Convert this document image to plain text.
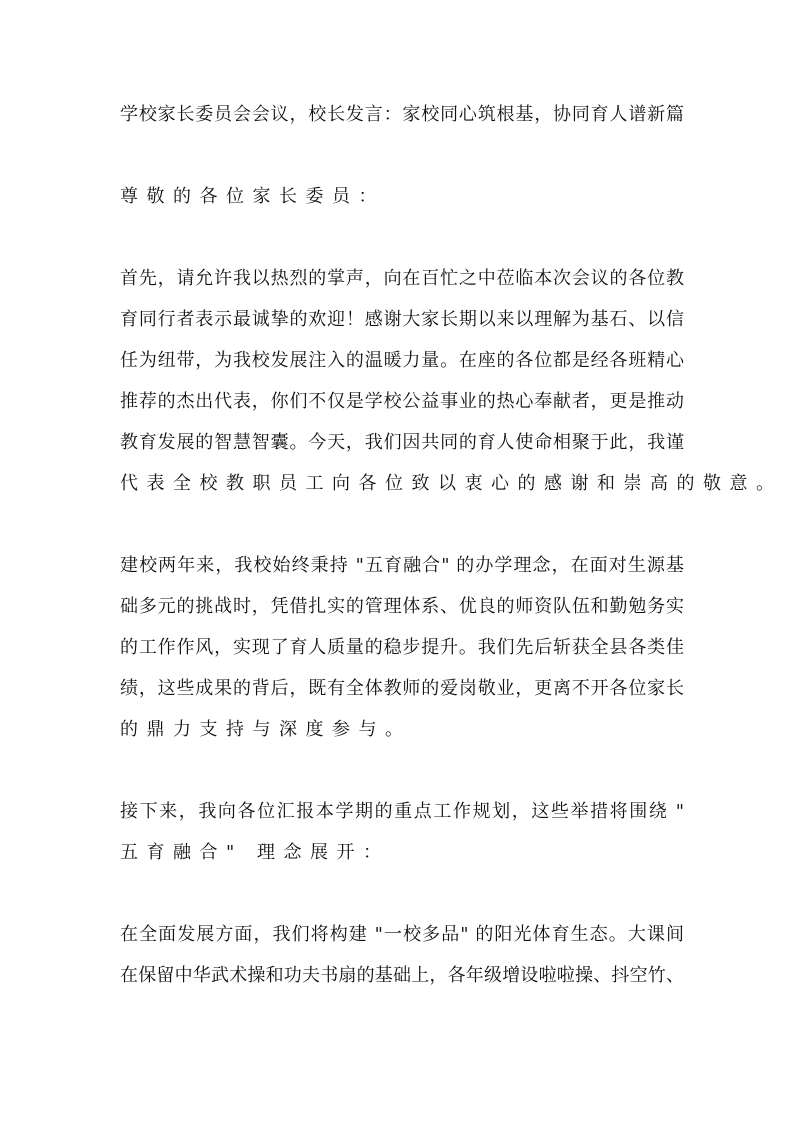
学校家长委员会会议，校长发言：家校同心筑根基，协同育人谱新篇
尊敬的各位家长委员：
首先，请允许我以热烈的掌声，向在百忙之中莅临本次会议的各位教
育同行者表示最诚挚的欢迎！感谢大家长期以来以理解为基石、以信
任为纽带，为我校发展注入的温暖力量。在座的各位都是经各班精心
推荐的杰出代表，你们不仅是学校公益事业的热心奉献者，更是推动
教育发展的智慧智囊。今天，我们因共同的育人使命相聚于此，我谨
代表全校教职员工向各位致以衷心的感谢和崇高的敬意。
建校两年来，我校始终秉持 "五育融合" 的办学理念，在面对生源基
础多元的挑战时，凭借扎实的管理体系、优良的师资队伍和勤勉务实
的工作作风，实现了育人质量的稳步提升。我们先后斩获全县各类佳
绩，这些成果的背后，既有全体教师的爱岗敬业，更离不开各位家长
的鼎力支持与深度参与。
接下来，我向各位汇报本学期的重点工作规划，这些举措将围绕 "
五育融合" 理念展开：
在全面发展方面，我们将构建 "一校多品" 的阳光体育生态。大课间
在保留中华武术操和功夫书扇的基础上，各年级增设啦啦操、抖空竹、
